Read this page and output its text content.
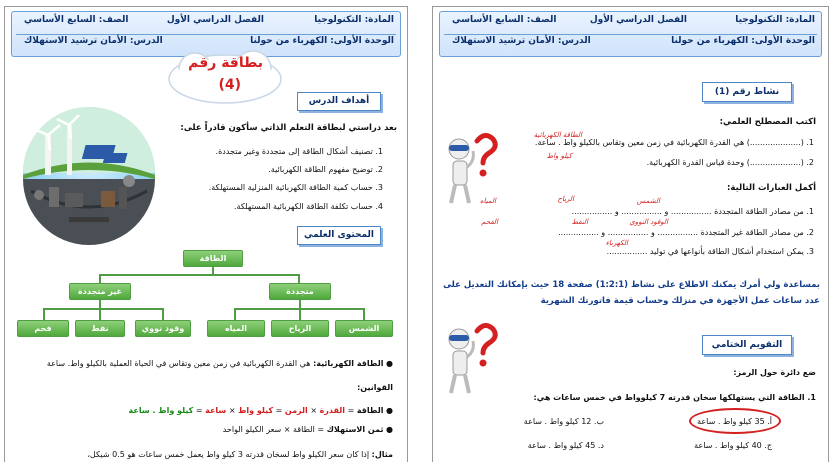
المادة: التكنولوجيا
الفصل الدراسي الأول
الصف: السابع الأساسي
الوحدة الأولى: الكهرباء من حولنا
الدرس: الأمان ترشيد الاستهلاك
بطاقة رقم
(4)
أهداف الدرس
بعد دراستي لبطاقة التعلم الذاتي سأكون قادراً على:
1. تصنيف أشكال الطاقة إلى متجددة وغير متجددة.
2. توضيح مفهوم الطاقة الكهربائية.
3. حساب كمية الطاقة الكهربائية المنزلية المستهلكة.
4. حساب تكلفة الطاقة الكهربائية المستهلكة.
المحتوى العلمي
الطاقة
متجددة
غير متجددة
الشمس
الرياح
المياه
وقود نووي
نفط
فحم
● الطاقة الكهربائية: هي القدرة الكهربائية في زمن معين وتقاس في الحياة العملية بالكيلو واط. ساعة
القوانين:
● الطاقة = القدرة × الزمن = كيلو واط × ساعة = كيلو واط . ساعة
● ثمن الاستهلاك = الطاقة × سعر الكيلو الواحد
مثال: إذا كان سعر الكيلو واط لسخان قدرته 3 كيلو واط يعمل خمس ساعات هو 0.5 شيكل،
المادة: التكنولوجيا
الفصل الدراسي الأول
الصف: السابع الأساسي
الوحدة الأولى: الكهرباء من حولنا
الدرس: الأمان ترشيد الاستهلاك
نشاط رقم (1)
اكتب المصطلح العلمي:
1. (....................) هي القدرة الكهربائية في زمن معين وتقاس بالكيلو واط . ساعة.
الطاقة الكهربائية
2. (....................) وحدة قياس القدرة الكهربائية.
كيلو واط
أكمل العبارات التالية:
الشمس
الرياح
المياه
1. من مصادر الطاقة المتجددة ................ و ................ و ................
الوقود النووي
النفط
الفحم
2. من مصادر الطاقة غير المتجددة ................ و ................ و ................
الكهرباء
3. يمكن استخدام أشكال الطاقة بأنواعها في توليد ................
بمساعدة ولي أمرك يمكنك الاطلاع على نشاط (1:2:1) صفحة 18 حيث بإمكانك التعديل على عدد ساعات عمل الأجهزة في منزلك وحساب قيمة فاتورتك الشهرية
التقويم الختامي
ضع دائرة حول الرمز:
1. الطاقة التي يستهلكها سخان قدرته 7 كيلوواط في خمس ساعات هي:
أ. 35 كيلو واط . ساعة
ب. 12 كيلو واط . ساعة
ج. 40 كيلو واط . ساعة
د. 45 كيلو واط . ساعة
